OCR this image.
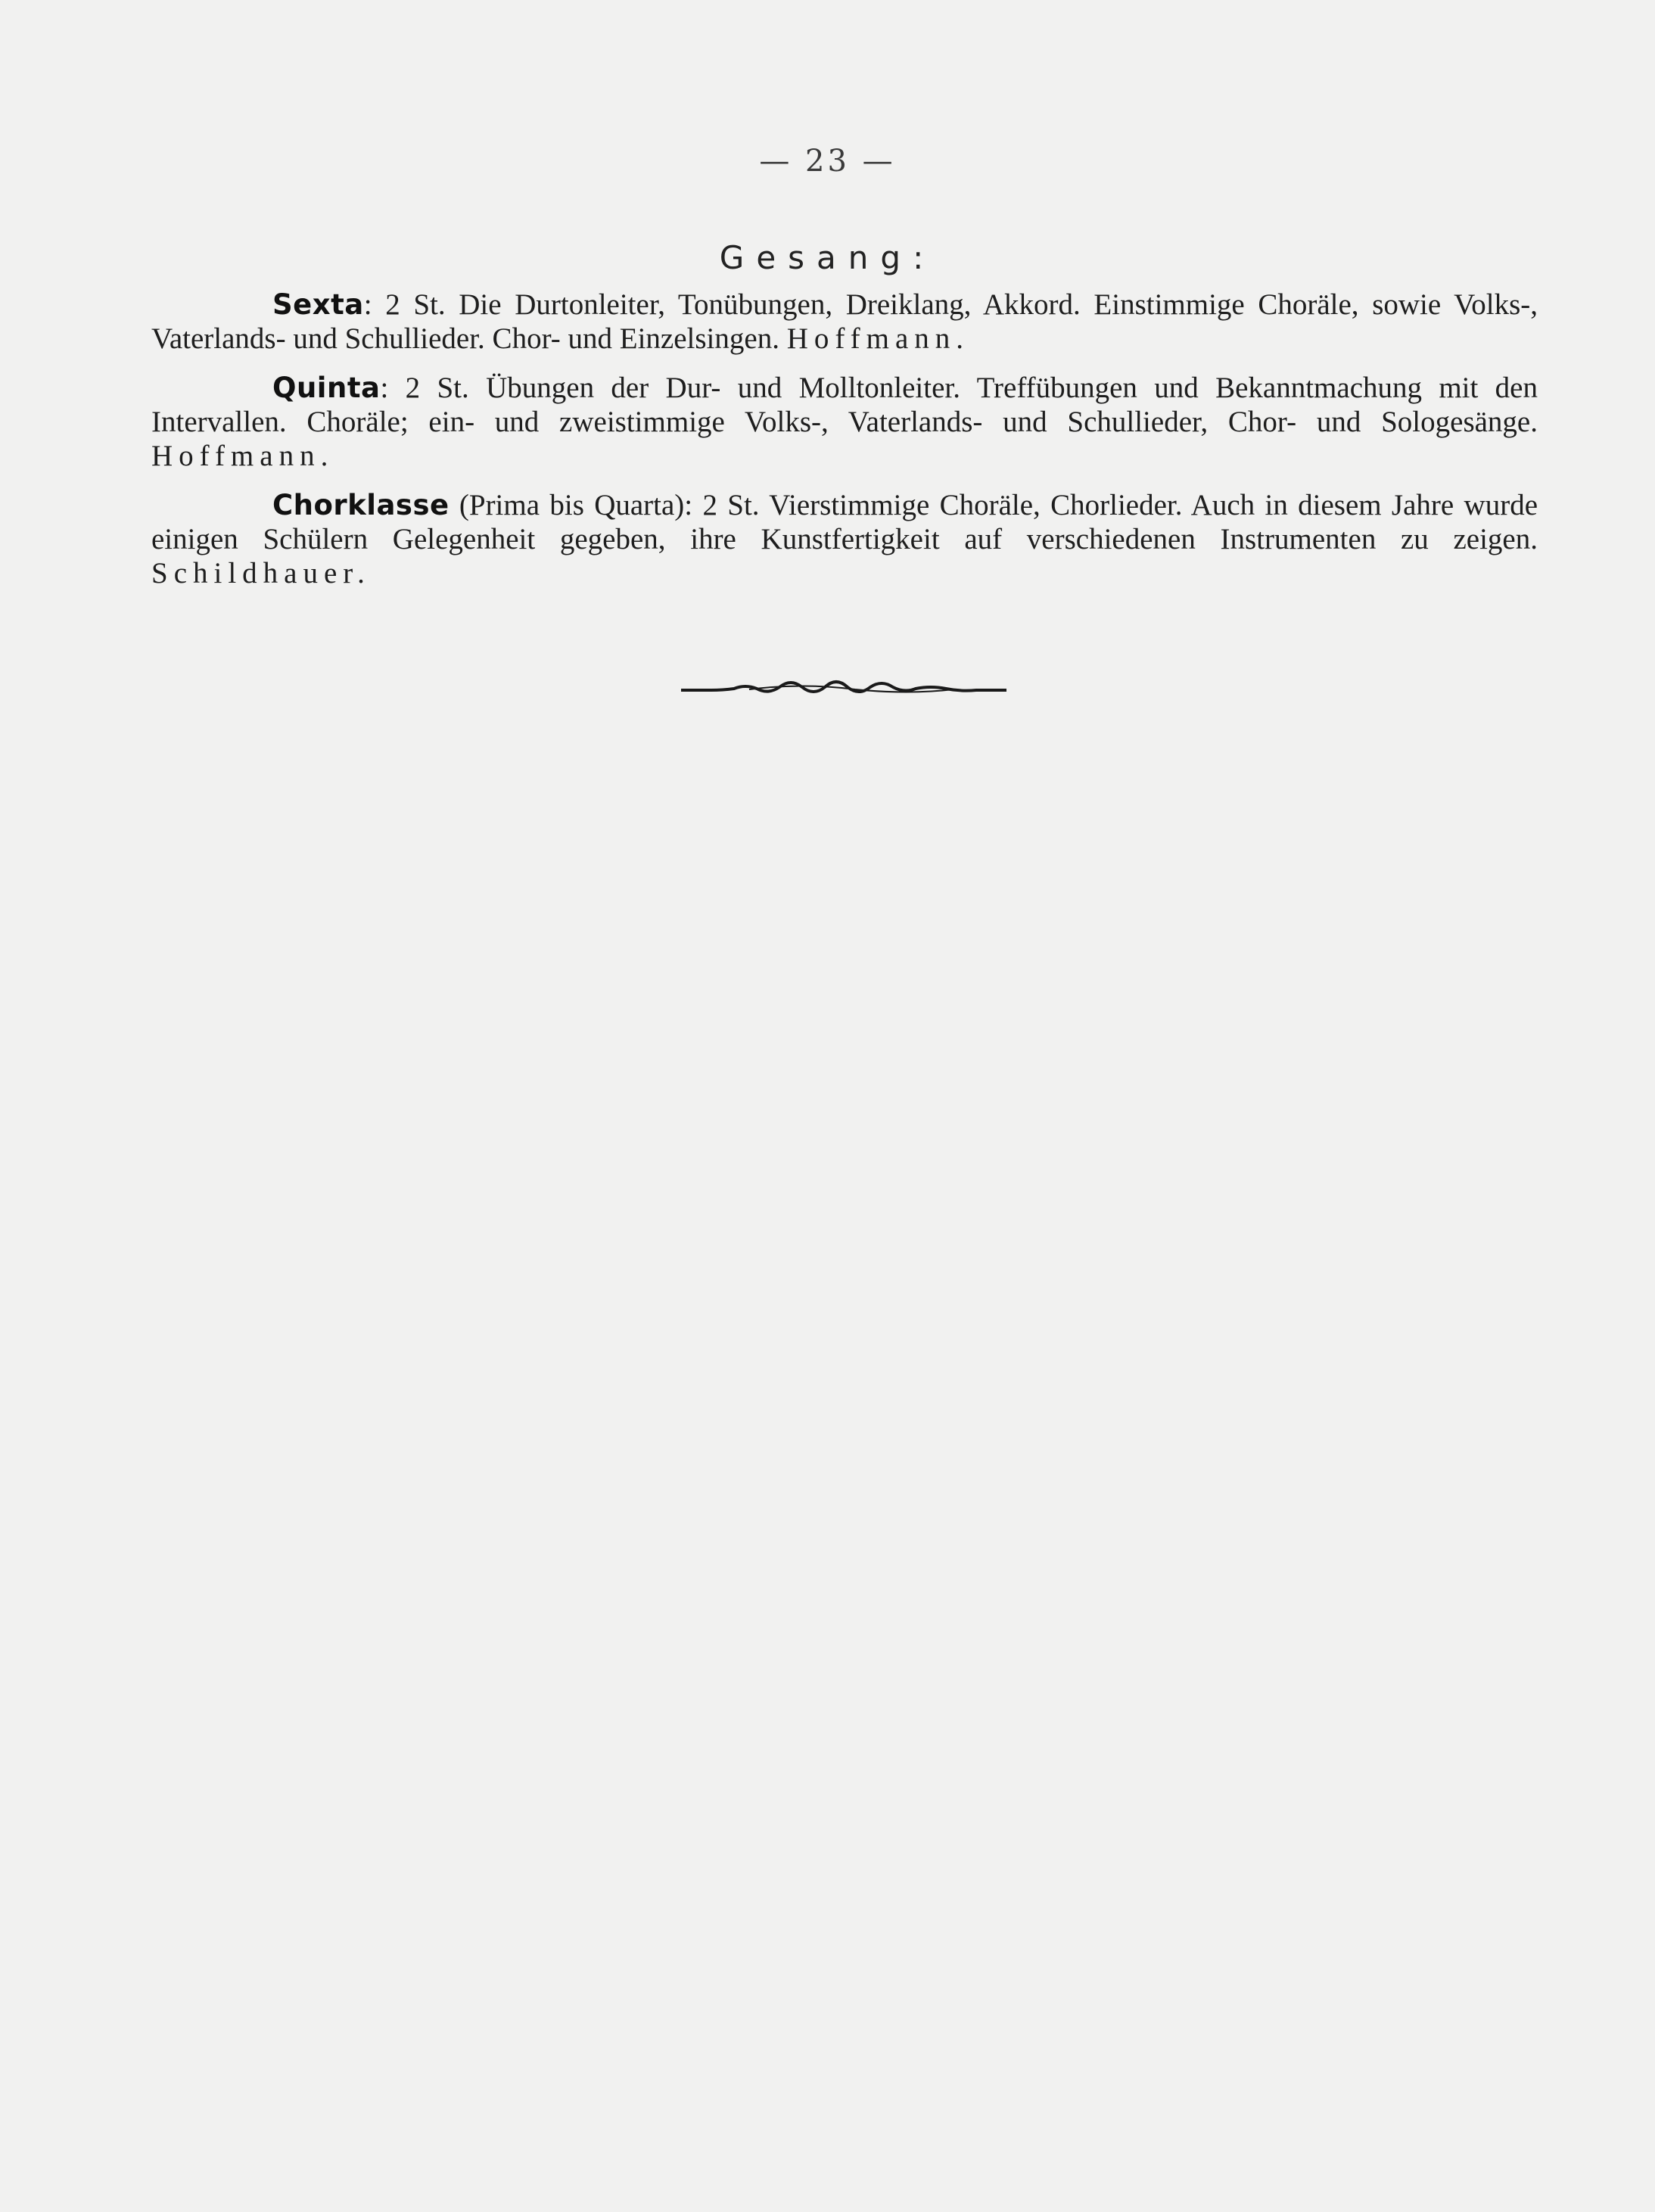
— 23 —
Gesang:

Sexta: 2 St. Die Durtonleiter, Tonübungen, Dreiklang, Akkord. Einstimmige Choräle, sowie Volks-, Vaterlands- und Schullieder. Chor- und Einzelsingen. Hoffmann.

Quinta: 2 St. Übungen der Dur- und Molltonleiter. Treffübungen und Bekanntmachung mit den Intervallen. Choräle; ein- und zweistimmige Volks-, Vaterlands- und Schullieder, Chor- und Sologesänge. Hoffmann.

Chorklasse (Prima bis Quarta): 2 St. Vierstimmige Choräle, Chorlieder. Auch in diesem Jahre wurde einigen Schülern Gelegenheit gegeben, ihre Kunstfertigkeit auf verschiedenen Instrumenten zu zeigen. Schildhauer.
